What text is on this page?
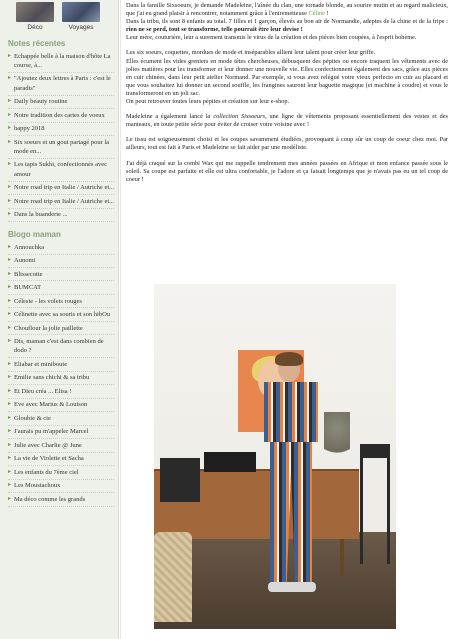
Déco	Voyages
Notes récentes
▸ Echappée belle à la maison d'hôte La course, à...
▸ "Ajoutez deux lettres à Paris : c'est le paradis"
▸ Daily beauty routine
▸ Notre tradition des cartes de voeux
▸ happy 2018
▸ Six soeurs et un gout partagé pour la mode en...
▸ Les tapis Sukhi, confectionnés avec amour
▸ Notre road trip en Italie / Autriche et...
▸ Notre road trip en Italie / Autriche et...
▸ Dans la buanderie ...
Blogo maman
▸ Annouchka
▸ Aunomi
▸ Blissecotte
▸ BUMCAT
▸ Céleste - les volets rouges
▸ Célinette avec sa souris et son hibOu
▸ Chouflour la jolie paillette
▸ Dis, maman c'est dans combien de dodo ?
▸ Eliabar et miniboute
▸ Emilie sans chichi & sa tribu
▸ Et Dieu créa ... Elisa !
▸ Eve avec Marius & Louison
▸ Gloubie & cie
▸ J'aurais pu m'appeler Marcel
▸ Julie avec Charlie @ June
▸ La vie de Violette et Sacha
▸ Les enfants du 7ème ciel
▸ Les Moustachoux
▸ Ma déco comme les grands

Dans la famille Sixsoeurs, je demande Madeleine, l'aînée du clan, une tornade blonde, au sourire mutin et au regard malicieux, que j'ai eu grand plaisir à rencontrer, notamment grâce à l'entremetteuse Céline !
Dans la tribu, ils sont 8 enfants au total. 7 filles et 1 garçon, élevés au bon air de Normandie, adeptes de la chine et de la fripe : rien ne se perd, tout se transforme, telle pourrait être leur devise !
Leur mère, couturière, leur a surement transmis le virus de la création et des pièces bien coupées, à l'esprit bohème.

Les six soeurs, coquettes, mordues de mode et inséparables allient leur talent pour créer leur griffe.
Elles écument les vides greniers en mode têtes chercheuses, débusquent des pépites ou encore traquent les vêtements avec de jolies matières pour les transformer et leur donner une nouvelle vie. Elles confectionnent également des sacs, grâce aux pièces en cuir chinées, dans leur petit atelier Normand. Par exemple, si vous avez relégué votre vieux perfecto en cuir au placard et que vous souhaitez lui donner un second souffle, les frangines sauront leur baguette magique (et machine à coudre) et vous le transformeront en un joli sac.
On peut retrouver toutes leurs pépites et création sur leur e-shop.

Madeleine a également lancé la collection Sixsoeurs, une ligne de vêtements proposant essentiellement des vestes et des manteaux, en toute petite série pour éviter de croiser votre voisine avec !

Le tissu est soigneusement choisi et les coupes savamment étudiées, provoquant à coup sûr un coup de coeur chez moi. Par ailleurs, tout est fait à Paris et Madeleine se fait aider par une modéliste.

J'ai déjà craqué sur la combi Wax qui me rappelle tendrement mes années passées en Afrique et mon enfance passée sous le soleil. Sa coupe est parfaite et elle est ultra confortable, je l'adore et ça faisait longtemps que je n'avais pas eu un tel coup de coeur !
